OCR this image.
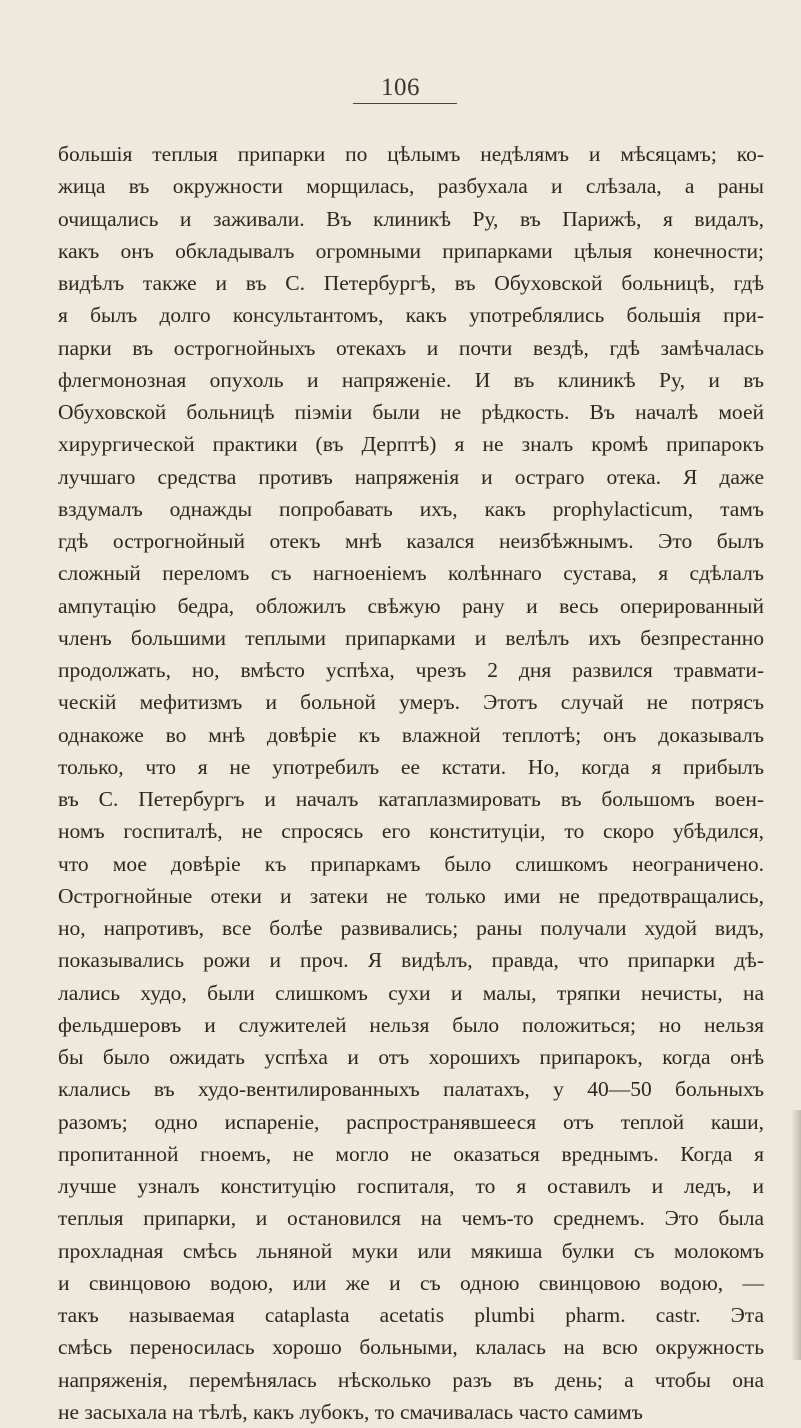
106
большія теплыя припарки по цѣлымъ недѣлямъ и мѣсяцамъ; ко-
жица въ окружности морщилась, разбухала и слѣзала, а раны
очищались и заживали. Въ клиникѣ Ру, въ Парижѣ, я видалъ,
какъ онъ обкладывалъ огромными припарками цѣлыя конечности;
видѣлъ также и въ С. Петербургѣ, въ Обуховской больницѣ, гдѣ
я былъ долго консультантомъ, какъ употреблялись большія при-
парки въ острогнойныхъ отекахъ и почти вездѣ, гдѣ замѣчалась
флегмонозная опухоль и напряженіе. И въ клиникѣ Ру, и въ
Обуховской больницѣ піэміи были не рѣдкость. Въ началѣ моей
хирургической практики (въ Дерптѣ) я не зналъ кромѣ припарокъ
лучшаго средства противъ напряженія и остраго отека. Я даже
вздумалъ однажды попробавать ихъ, какъ prophylacticum, тамъ
гдѣ острогнойный отекъ мнѣ казался неизбѣжнымъ. Это былъ
сложный переломъ съ нагноеніемъ колѣннаго сустава, я сдѣлалъ
ампутацію бедра, обложилъ свѣжую рану и весь оперированный
членъ большими теплыми припарками и велѣлъ ихъ безпрестанно
продолжать, но, вмѣсто успѣха, чрезъ 2 дня развился травмати-
ческій мефитизмъ и больной умеръ. Этотъ случай не потрясъ
однакоже во мнѣ довѣріе къ влажной теплотѣ; онъ доказывалъ
только, что я не употребилъ ее кстати. Но, когда я прибылъ
въ С. Петербургъ и началъ катаплазмировать въ большомъ воен-
номъ госпиталѣ, не спросясь его конституціи, то скоро убѣдился,
что мое довѣріе къ припаркамъ было слишкомъ неограничено.
Острогнойные отеки и затеки не только ими не предотвращались,
но, напротивъ, все болѣе развивались; раны получали худой видъ,
показывались рожи и проч. Я видѣлъ, правда, что припарки дѣ-
лались худо, были слишкомъ сухи и малы, тряпки нечисты, на
фельдшеровъ и служителей нельзя было положиться; но нельзя
бы было ожидать успѣха и отъ хорошихъ припарокъ, когда онѣ
клались въ худо-вентилированныхъ палатахъ, у 40—50 больныхъ
разомъ; одно испареніе, распространявшееся отъ теплой каши,
пропитанной гноемъ, не могло не оказаться вреднымъ. Когда я
лучше узналъ конституцію госпиталя, то я оставилъ и ледъ, и
теплыя припарки, и остановился на чемъ-то среднемъ. Это была
прохладная смѣсь льняной муки или мякиша булки съ молокомъ
и свинцовою водою, или же и съ одною свинцовою водою, —
такъ называемая cataplasta acetatis plumbi pharm. castr. Эта
смѣсь переносилась хорошо больными, клалась на всю окружность
напряженія, перемѣнялась нѣсколько разъ въ день; а чтобы она
не засыхала на тѣлѣ, какъ лубокъ, то смачивалась часто самимъ
